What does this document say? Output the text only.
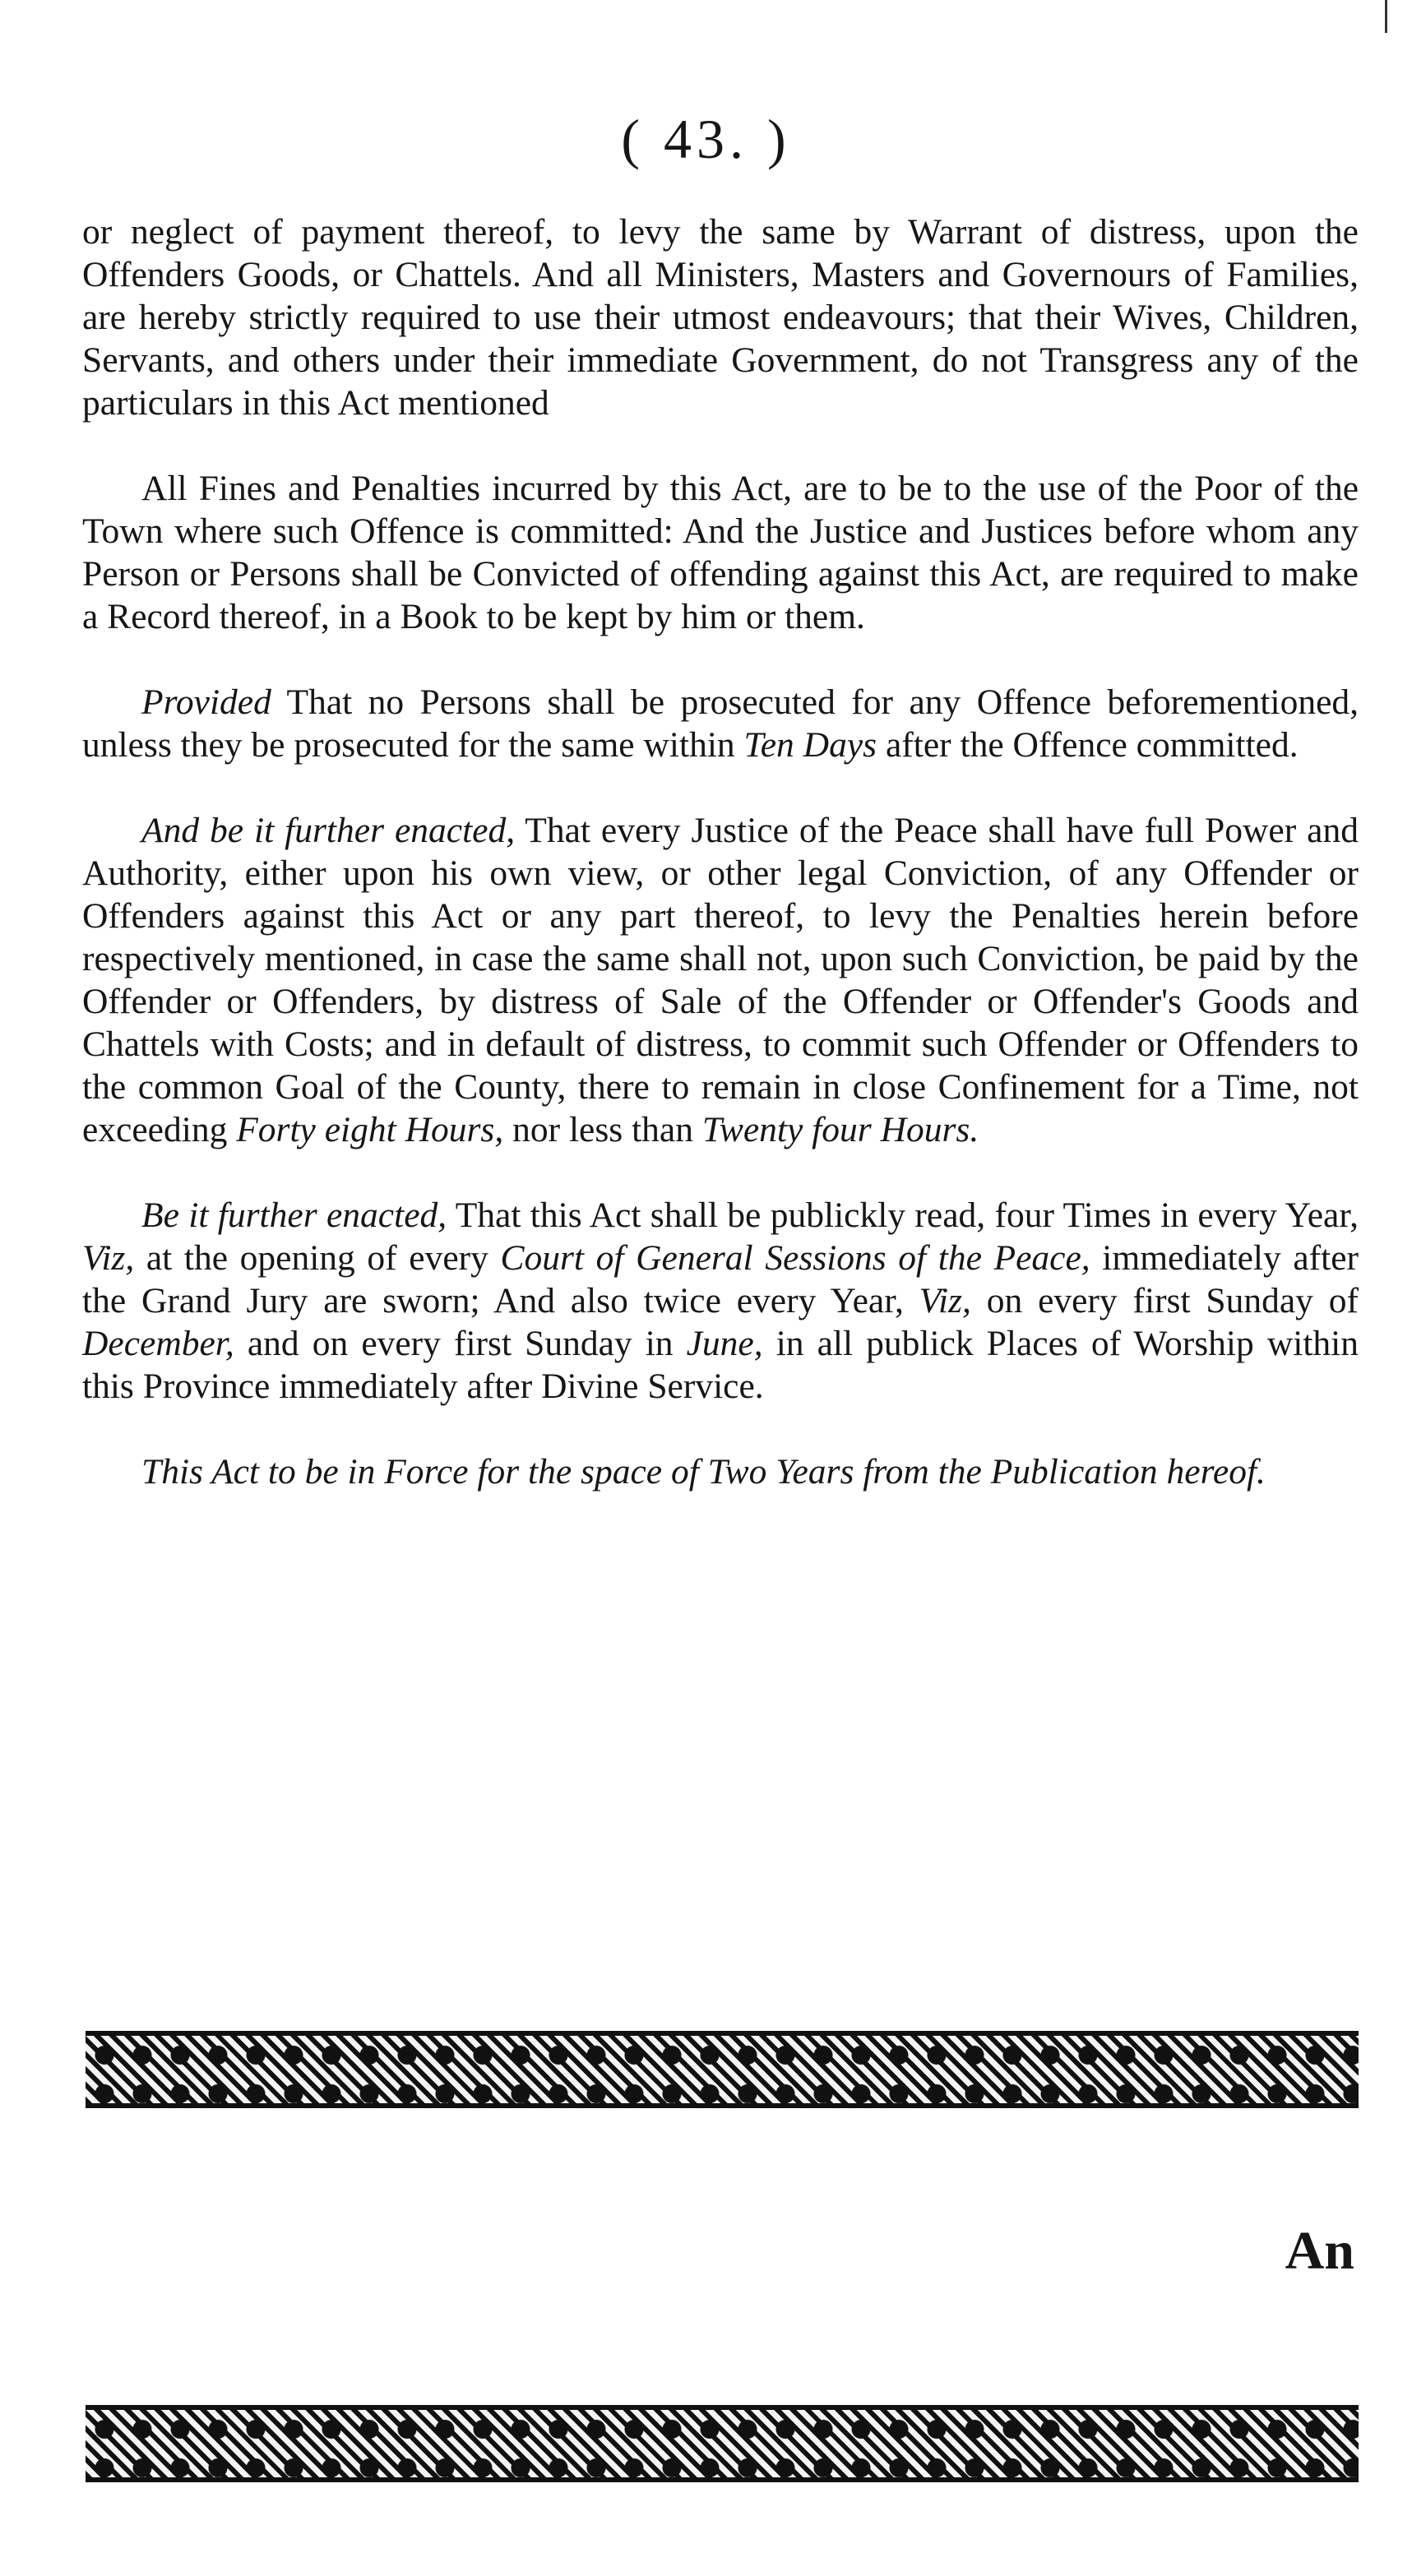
( 43. )

or neglect of payment thereof, to levy the same by Warrant of distress, upon the Offenders Goods, or Chattels. And all Ministers, Masters and Governours of Families, are hereby strictly required to use their utmost endeavours; that their Wives, Children, Servants, and others under their immediate Government, do not Transgress any of the particulars in this Act mentioned

All Fines and Penalties incurred by this Act, are to be to the use of the Poor of the Town where such Offence is committed: And the Justice and Justices before whom any Person or Persons shall be Convicted of offending against this Act, are required to make a Record thereof, in a Book to be kept by him or them.

Provided That no Persons shall be prosecuted for any Offence beforementioned, unless they be prosecuted for the same within Ten Days after the Offence committed.

And be it further enacted, That every Justice of the Peace shall have full Power and Authority, either upon his own view, or other legal Conviction, of any Offender or Offenders against this Act or any part thereof, to levy the Penalties herein before respectively mentioned, in case the same shall not, upon such Conviction, be paid by the Offender or Offenders, by distress of Sale of the Offender or Offender's Goods and Chattels with Costs; and in default of distress, to commit such Offender or Offenders to the common Goal of the County, there to remain in close Confinement for a Time, not exceeding Forty eight Hours, nor less than Twenty four Hours.

Be it further enacted, That this Act shall be publickly read, four Times in every Year, Viz, at the opening of every Court of General Sessions of the Peace, immediately after the Grand Jury are sworn; And also twice every Year, Viz, on every first Sunday of December, and on every first Sunday in June, in all publick Places of Worship within this Province immediately after Divine Service.

This Act to be in Force for the space of Two Years from the Publication hereof.

An
